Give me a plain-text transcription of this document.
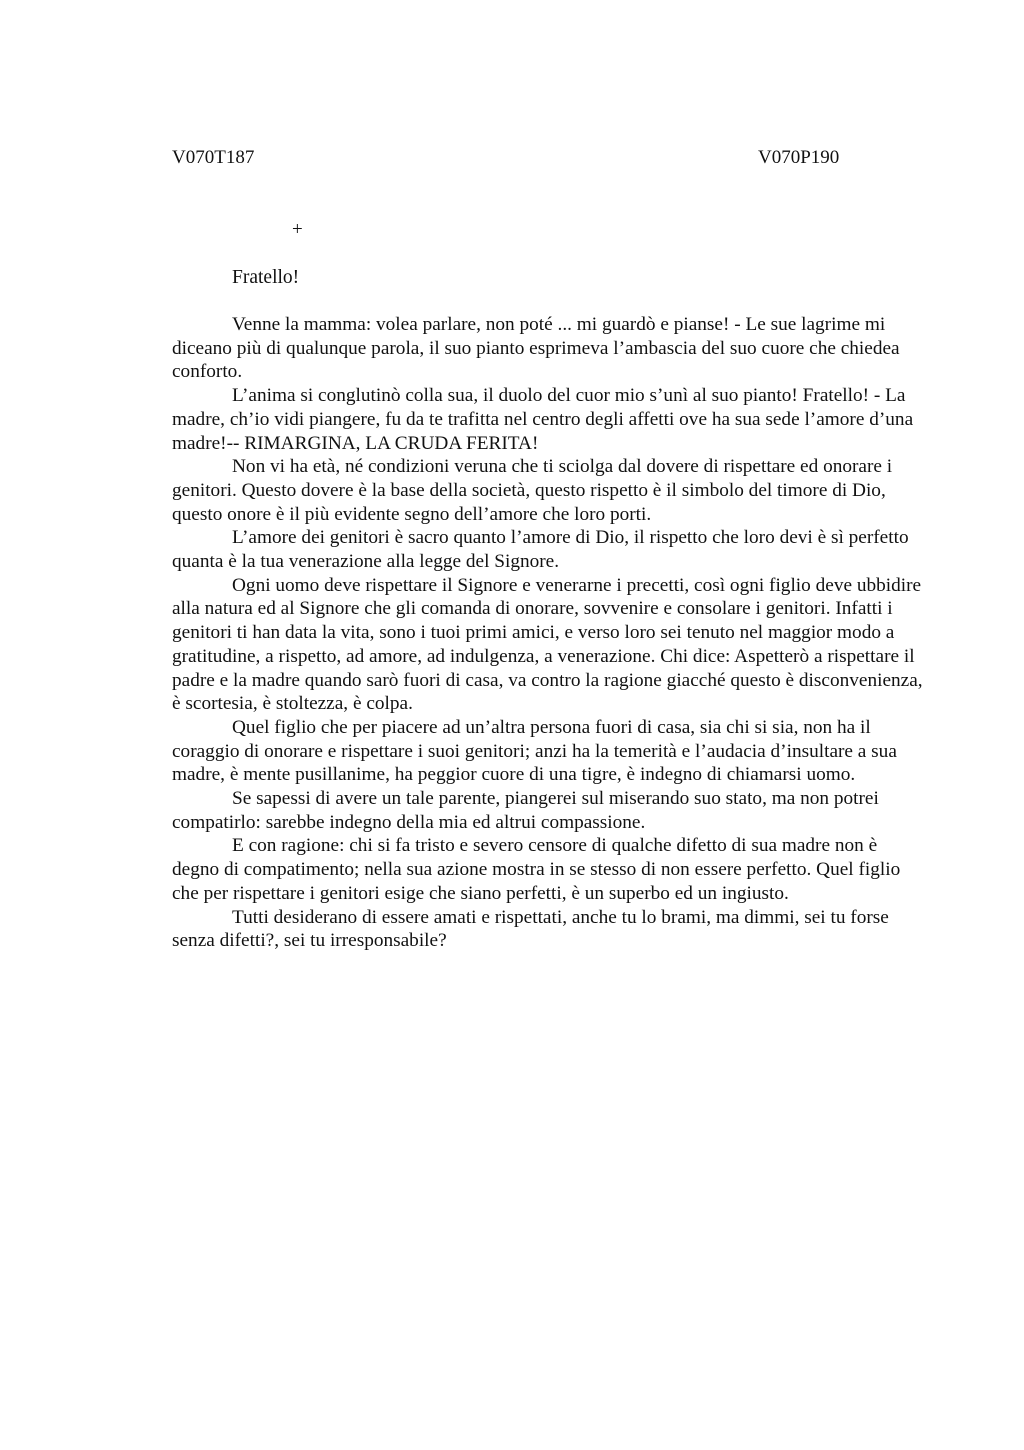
V070T187	V070P190
+
Fratello!

Venne la mamma: volea parlare, non poté ... mi guardò e pianse! - Le sue lagrime mi diceano più di qualunque parola, il suo pianto esprimeva l’ambascia del suo cuore che chiedea conforto.

L’anima si conglutinò colla sua, il duolo del cuor mio s’unì al suo pianto! Fratello! - La madre, ch’io vidi piangere, fu da te trafitta nel centro degli affetti ove ha sua sede l’amore d’una madre!-- RIMARGINA, LA CRUDA FERITA!

Non vi ha età, né condizioni veruna che ti sciolga dal dovere di rispettare ed onorare i genitori. Questo dovere è la base della società, questo rispetto è il simbolo del timore di Dio, questo onore è il più evidente segno dell’amore che loro porti.

L’amore dei genitori è sacro quanto l’amore di Dio, il rispetto che loro devi è sì perfetto quanta è la tua venerazione alla legge del Signore.

Ogni uomo deve rispettare il Signore e venerarne i precetti, così ogni figlio deve ubbidire alla natura ed al Signore che gli comanda di onorare, sovvenire e consolare i genitori. Infatti i genitori ti han data la vita, sono i tuoi primi amici, e verso loro sei tenuto nel maggior modo a gratitudine, a rispetto, ad amore, ad indulgenza, a venerazione. Chi dice: Aspetterò a rispettare il padre e la madre quando sarò fuori di casa, va contro la ragione giacché questo è disconvenienza, è scortesia, è stoltezza, è colpa.

Quel figlio che per piacere ad un’altra persona fuori di casa, sia chi si sia, non ha il coraggio di onorare e rispettare i suoi genitori; anzi ha la temerità e l’audacia d’insultare a sua madre, è mente pusillanime, ha peggior cuore di una tigre, è indegno di chiamarsi uomo.

Se sapessi di avere un tale parente, piangerei sul miserando suo stato, ma non potrei compatirlo: sarebbe indegno della mia ed altrui compassione.

E con ragione: chi si fa tristo e severo censore di qualche difetto di sua madre non è degno di compatimento; nella sua azione mostra in se stesso di non essere perfetto. Quel figlio che per rispettare i genitori esige che siano perfetti, è un superbo ed un ingiusto.

Tutti desiderano di essere amati e rispettati, anche tu lo brami, ma dimmi, sei tu forse senza difetti?, sei tu irresponsabile?
